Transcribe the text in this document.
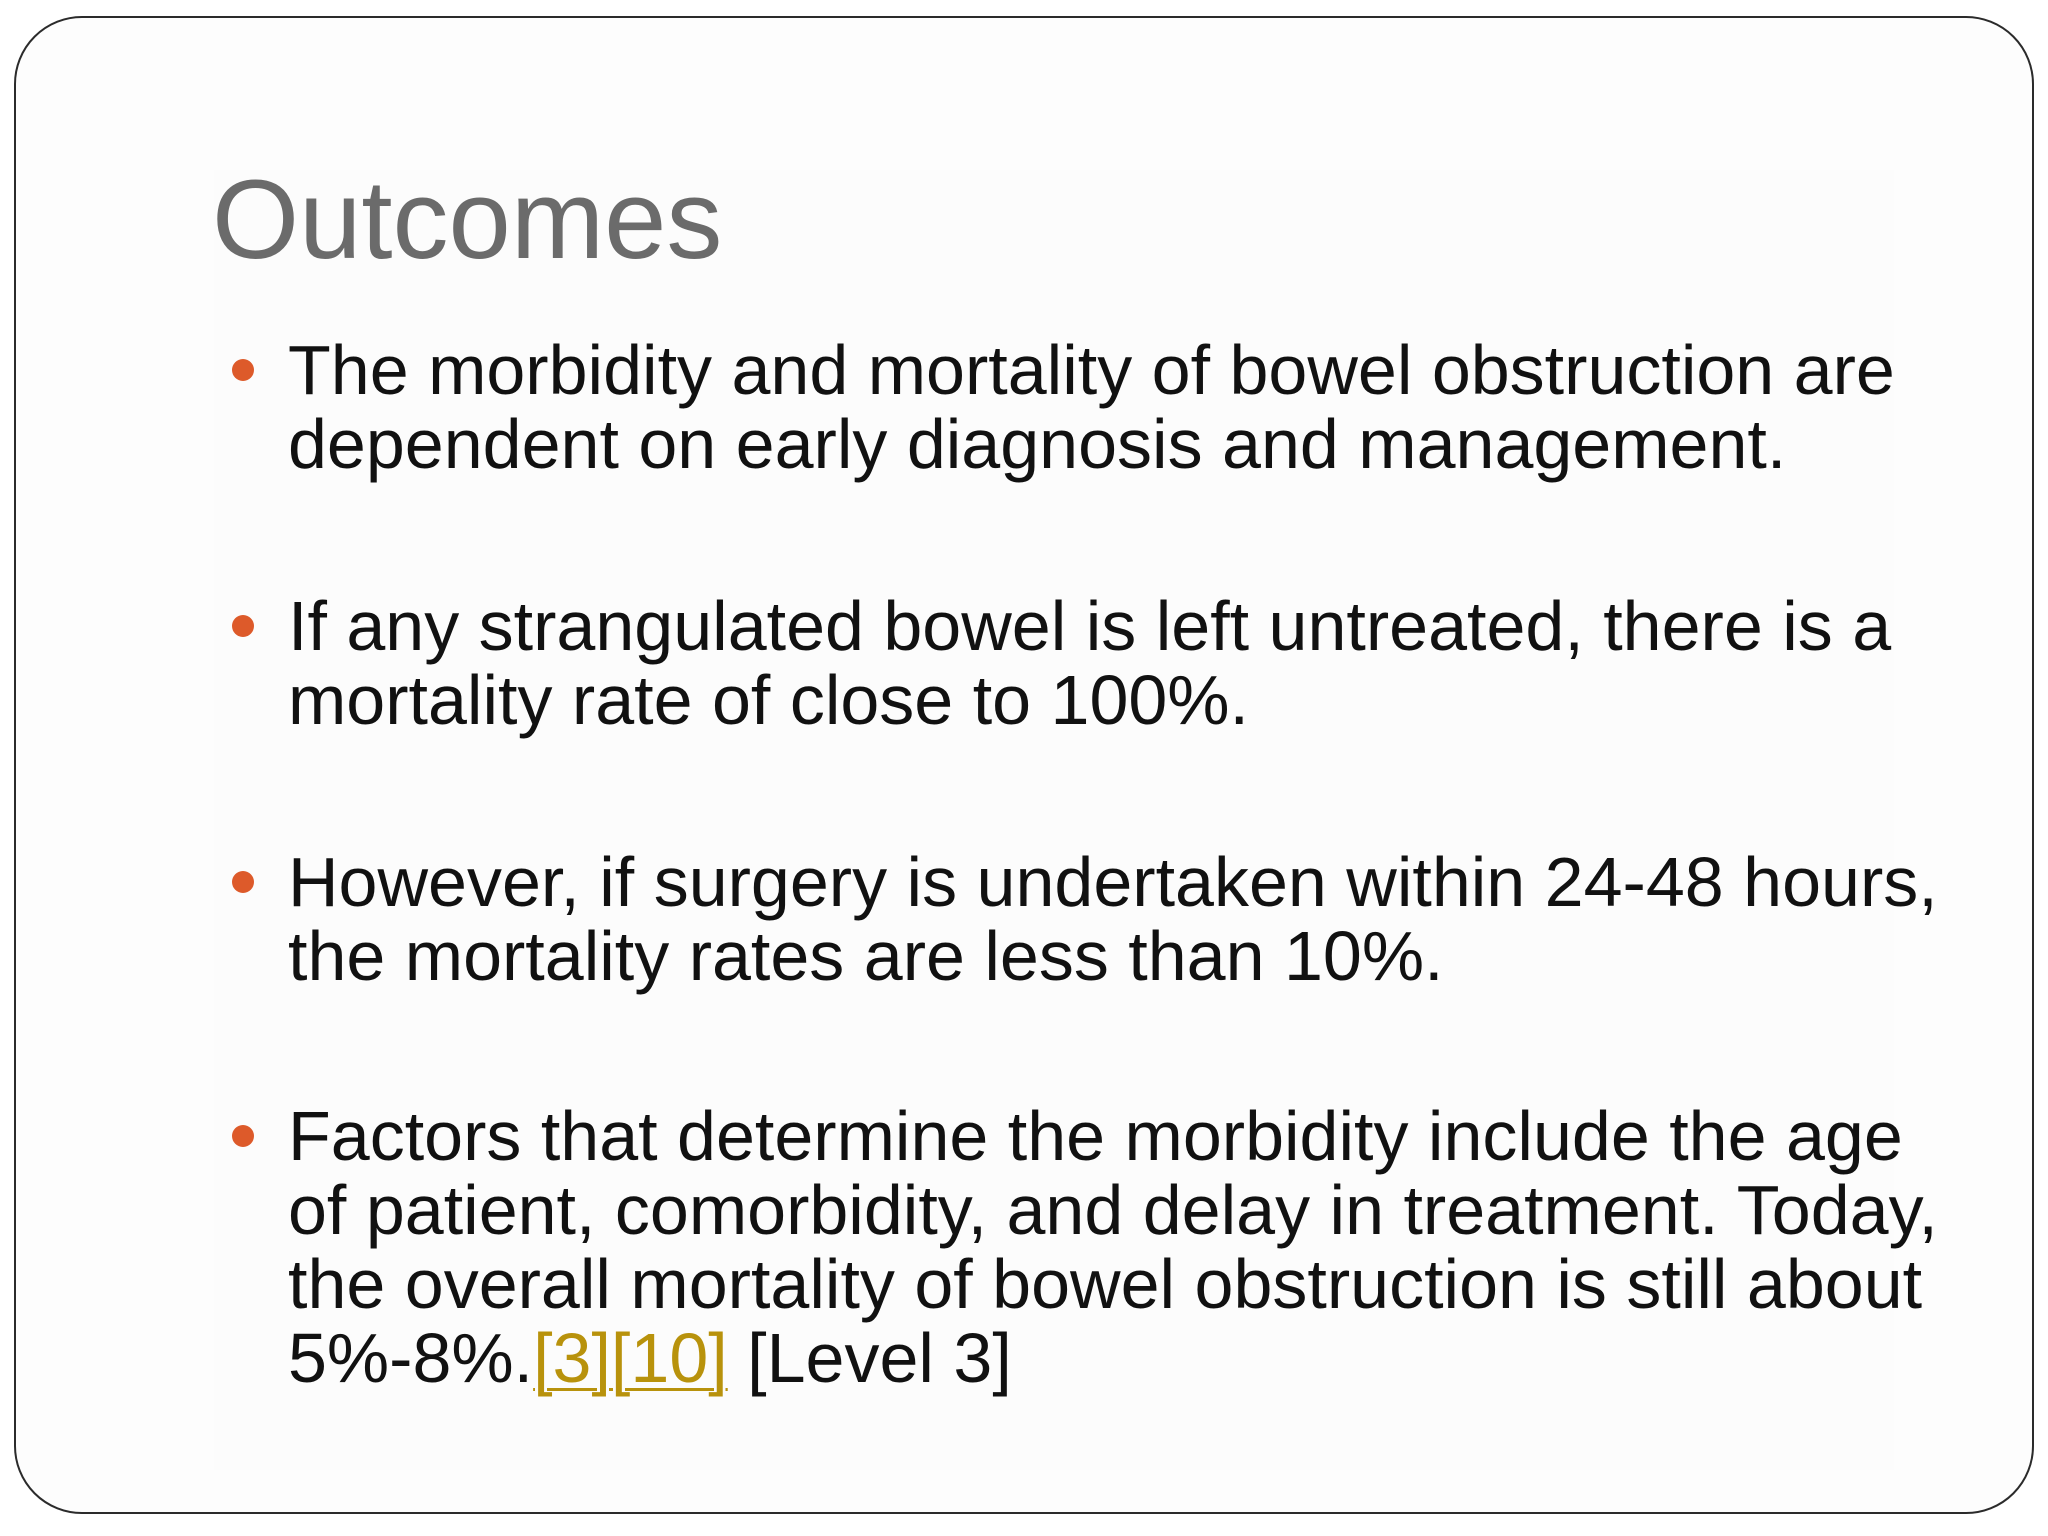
Outcomes
The morbidity and mortality of bowel obstruction are dependent on early diagnosis and management.
If any strangulated bowel is left untreated, there is a mortality rate of close to 100%.
However, if surgery is undertaken within 24-48 hours, the mortality rates are less than 10%.
Factors that determine the morbidity include the age of patient, comorbidity, and delay in treatment. Today, the overall mortality of bowel obstruction is still about 5%-8%.[3][10] [Level 3]
